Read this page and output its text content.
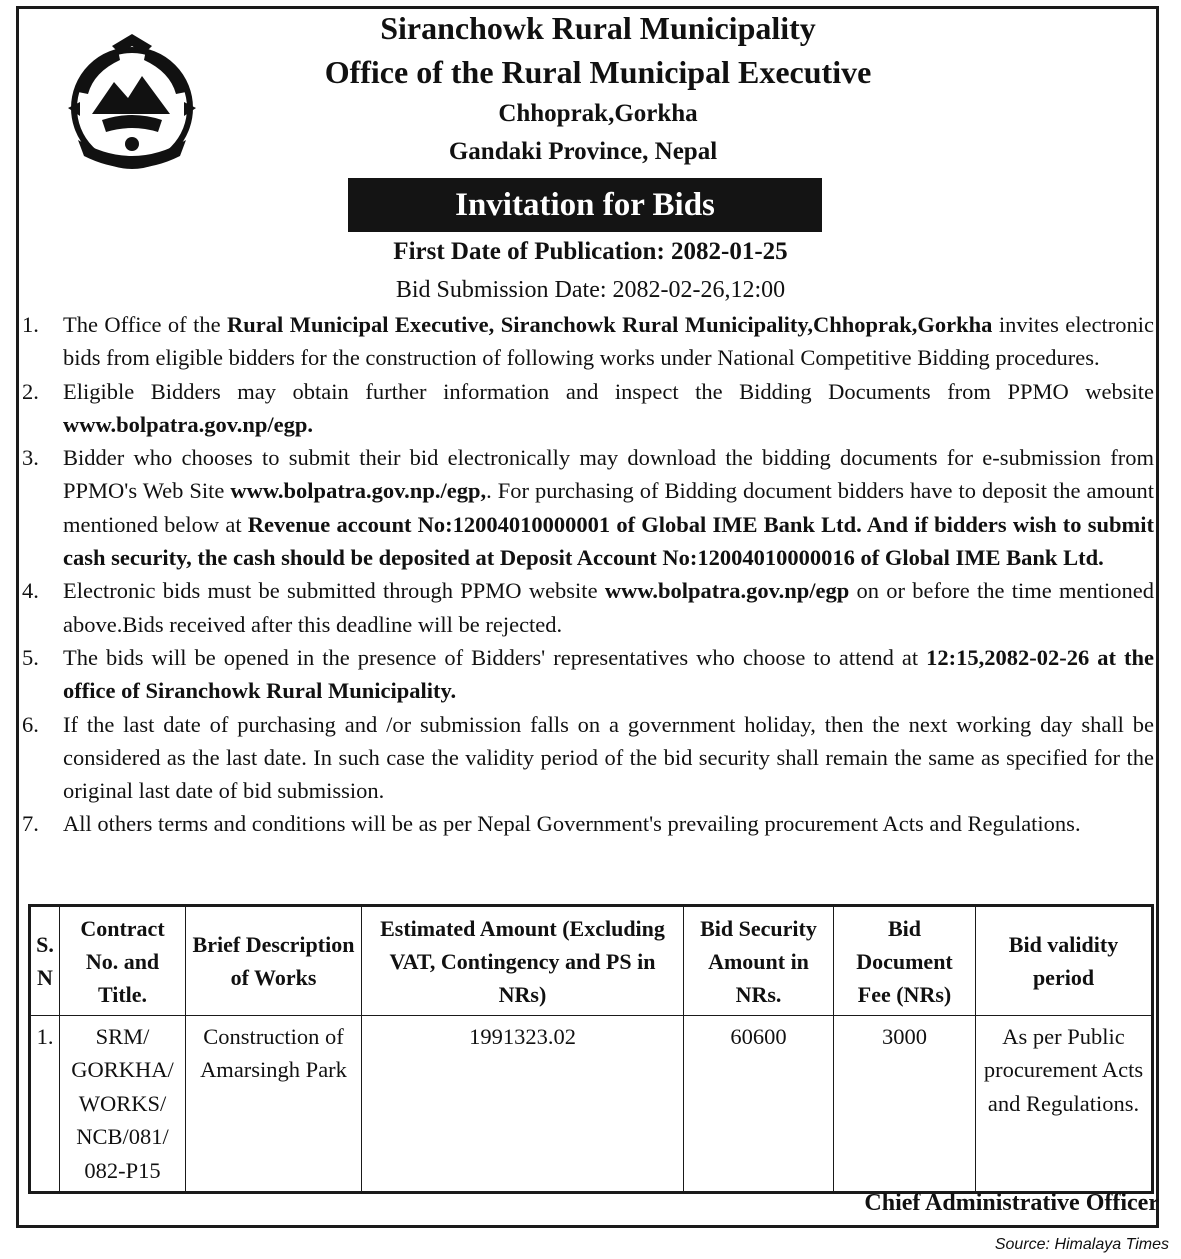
Siranchowk Rural Municipality
Office of the Rural Municipal Executive
Chhoprak,Gorkha
Gandaki Province, Nepal
Invitation for Bids
First Date of Publication: 2082-01-25
Bid Submission Date: 2082-02-26,12:00
1. The Office of the Rural Municipal Executive, Siranchowk Rural Municipality,Chhoprak,Gorkha invites electronic bids from eligible bidders for the construction of following works under National Competitive Bidding procedures.
2. Eligible Bidders may obtain further information and inspect the Bidding Documents from PPMO website www.bolpatra.gov.np/egp.
3. Bidder who chooses to submit their bid electronically may download the bidding documents for e-submission from PPMO's Web Site www.bolpatra.gov.np./egp,. For purchasing of Bidding document bidders have to deposit the amount mentioned below at Revenue account No:12004010000001 of Global IME Bank Ltd. And if bidders wish to submit cash security, the cash should be deposited at Deposit Account No:12004010000016 of Global IME Bank Ltd.
4. Electronic bids must be submitted through PPMO website www.bolpatra.gov.np/egp on or before the time mentioned above.Bids received after this deadline will be rejected.
5. The bids will be opened in the presence of Bidders' representatives who choose to attend at 12:15,2082-02-26 at the office of Siranchowk Rural Municipality.
6. If the last date of purchasing and /or submission falls on a government holiday, then the next working day shall be considered as the last date. In such case the validity period of the bid security shall remain the same as specified for the original last date of bid submission.
7. All others terms and conditions will be as per Nepal Government's prevailing procurement Acts and Regulations.
S. N	Contract No. and Title.	Brief Description of Works	Estimated Amount (Excluding VAT, Contingency and PS in NRs)	Bid Security Amount in NRs.	Bid Document Fee (NRs)	Bid validity period
1.	SRM/ GORKHA/ WORKS/ NCB/081/ 082-P15	Construction of Amarsingh Park	1991323.02	60600	3000	As per Public procurement Acts and Regulations.
Chief Administrative Officer
Source: Himalaya Times
